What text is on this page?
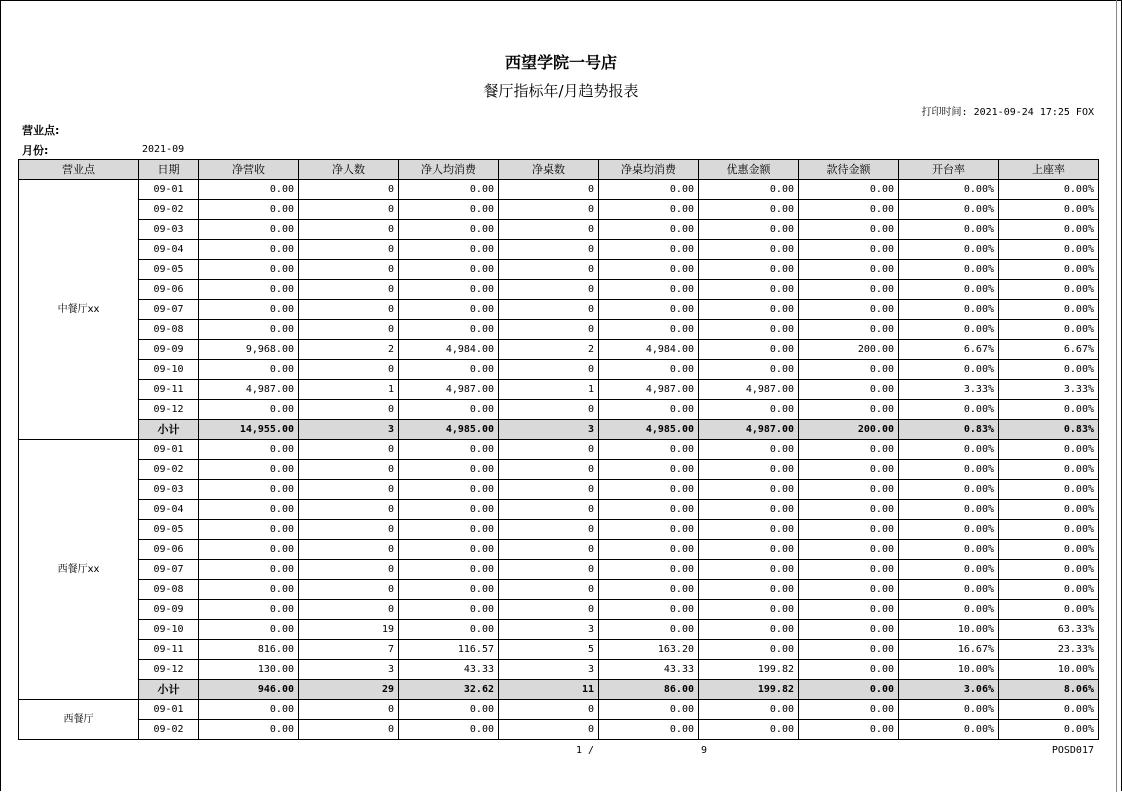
西望学院一号店
餐厅指标年/月趋势报表
打印时间: 2021-09-24 17:25 FOX
营业点:
月份:	2021-09
营业点	日期	净营收	净人数	净人均消费	净桌数	净桌均消费	优惠金额	款待金额	开台率	上座率
中餐厅xx	09-01	0.00	0	0.00	0	0.00	0.00	0.00	0.00%	0.00%
	09-02	0.00	0	0.00	0	0.00	0.00	0.00	0.00%	0.00%
	09-03	0.00	0	0.00	0	0.00	0.00	0.00	0.00%	0.00%
	09-04	0.00	0	0.00	0	0.00	0.00	0.00	0.00%	0.00%
	09-05	0.00	0	0.00	0	0.00	0.00	0.00	0.00%	0.00%
	09-06	0.00	0	0.00	0	0.00	0.00	0.00	0.00%	0.00%
	09-07	0.00	0	0.00	0	0.00	0.00	0.00	0.00%	0.00%
	09-08	0.00	0	0.00	0	0.00	0.00	0.00	0.00%	0.00%
	09-09	9,968.00	2	4,984.00	2	4,984.00	0.00	200.00	6.67%	6.67%
	09-10	0.00	0	0.00	0	0.00	0.00	0.00	0.00%	0.00%
	09-11	4,987.00	1	4,987.00	1	4,987.00	4,987.00	0.00	3.33%	3.33%
	09-12	0.00	0	0.00	0	0.00	0.00	0.00	0.00%	0.00%
	小计	14,955.00	3	4,985.00	3	4,985.00	4,987.00	200.00	0.83%	0.83%
西餐厅xx	09-01	0.00	0	0.00	0	0.00	0.00	0.00	0.00%	0.00%
	09-02	0.00	0	0.00	0	0.00	0.00	0.00	0.00%	0.00%
	09-03	0.00	0	0.00	0	0.00	0.00	0.00	0.00%	0.00%
	09-04	0.00	0	0.00	0	0.00	0.00	0.00	0.00%	0.00%
	09-05	0.00	0	0.00	0	0.00	0.00	0.00	0.00%	0.00%
	09-06	0.00	0	0.00	0	0.00	0.00	0.00	0.00%	0.00%
	09-07	0.00	0	0.00	0	0.00	0.00	0.00	0.00%	0.00%
	09-08	0.00	0	0.00	0	0.00	0.00	0.00	0.00%	0.00%
	09-09	0.00	0	0.00	0	0.00	0.00	0.00	0.00%	0.00%
	09-10	0.00	19	0.00	3	0.00	0.00	0.00	10.00%	63.33%
	09-11	816.00	7	116.57	5	163.20	0.00	0.00	16.67%	23.33%
	09-12	130.00	3	43.33	3	43.33	199.82	0.00	10.00%	10.00%
	小计	946.00	29	32.62	11	86.00	199.82	0.00	3.06%	8.06%
西餐厅	09-01	0.00	0	0.00	0	0.00	0.00	0.00	0.00%	0.00%
	09-02	0.00	0	0.00	0	0.00	0.00	0.00	0.00%	0.00%
1 /	9	POSD017
